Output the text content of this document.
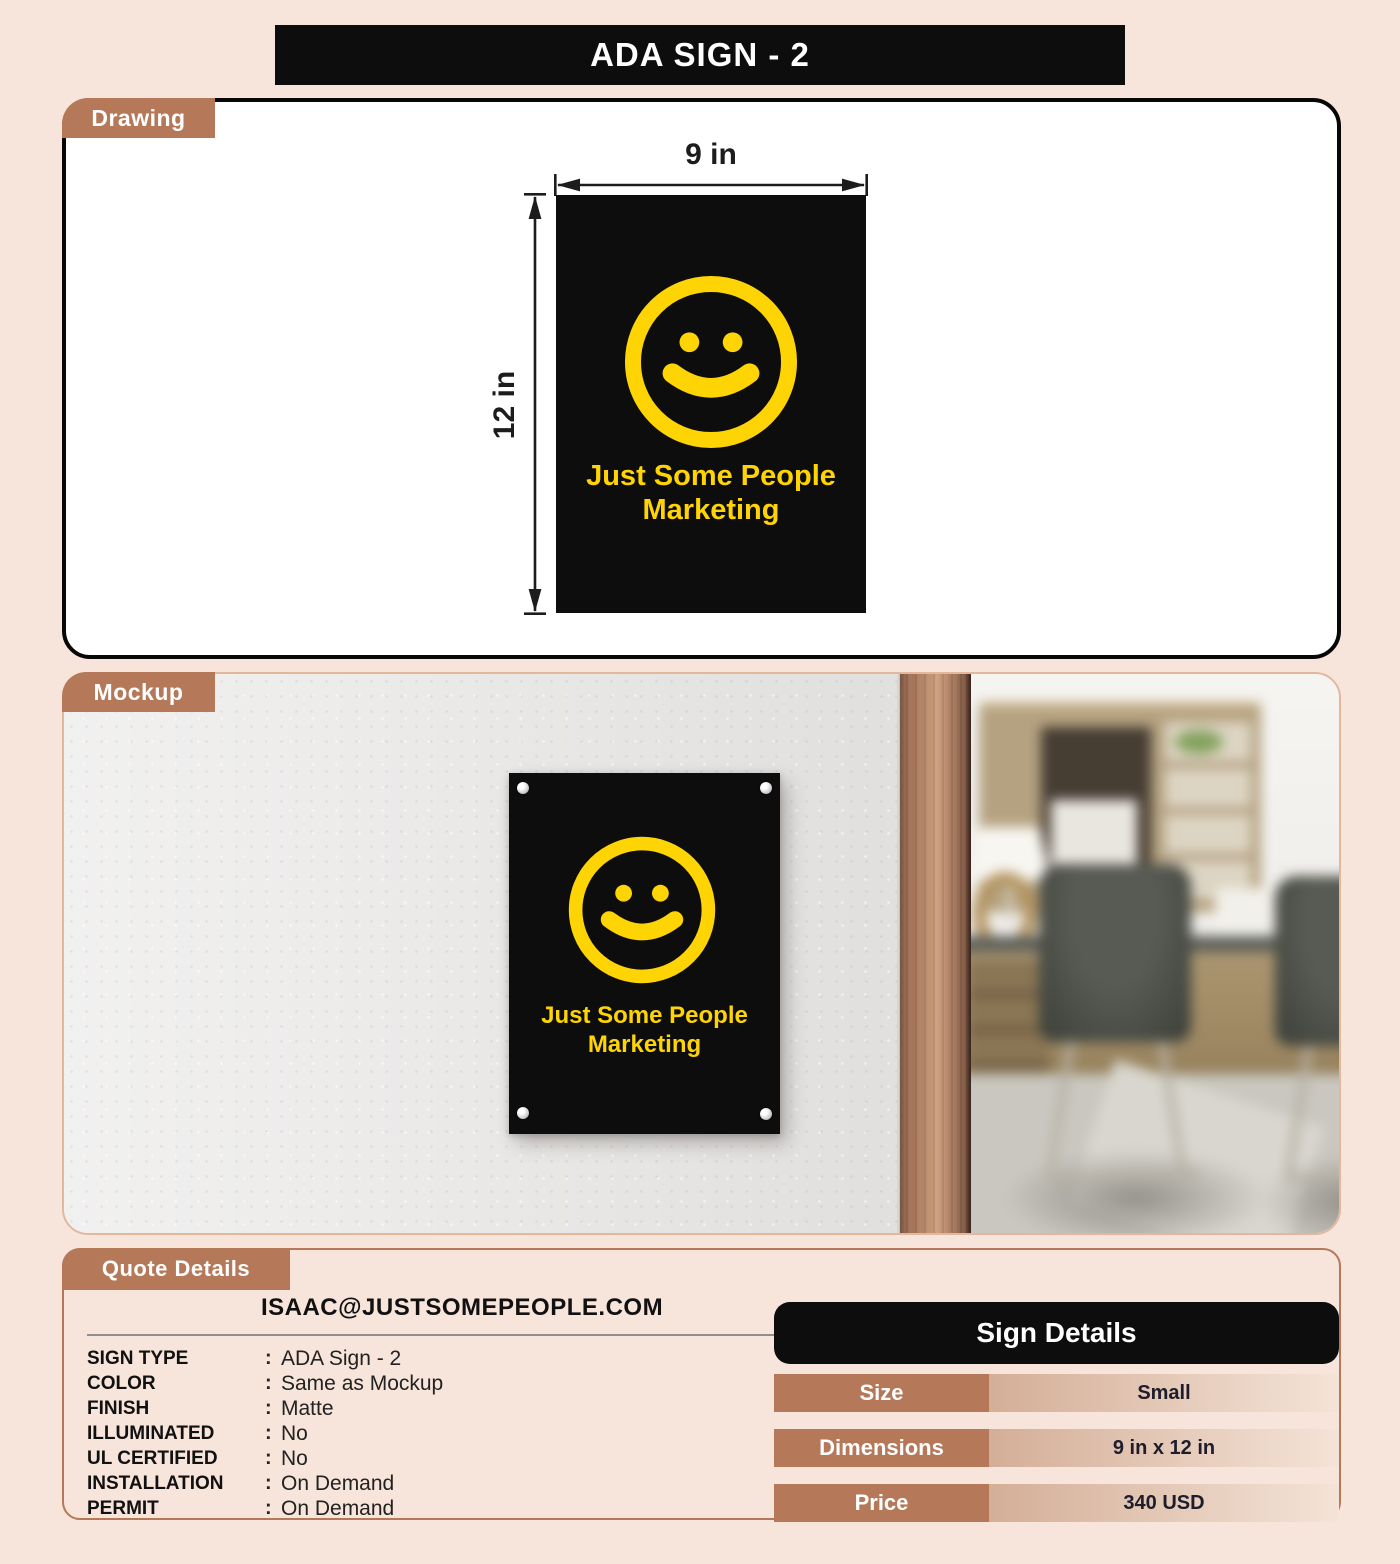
ADA SIGN - 2
9 in
12 in
Just Some People
Marketing
Drawing
Just Some People
Marketing
Mockup
ISAAC@JUSTSOMEPEOPLE.COM
SIGN TYPE	: ADA Sign - 2
COLOR	: Same as Mockup
FINISH	: Matte
ILLUMINATED	: No
UL CERTIFIED	: No
INSTALLATION	: On Demand
PERMIT	: On Demand
Sign Details
Size	Small
Dimensions	9 in x 12 in
Price	340 USD
Quote Details
